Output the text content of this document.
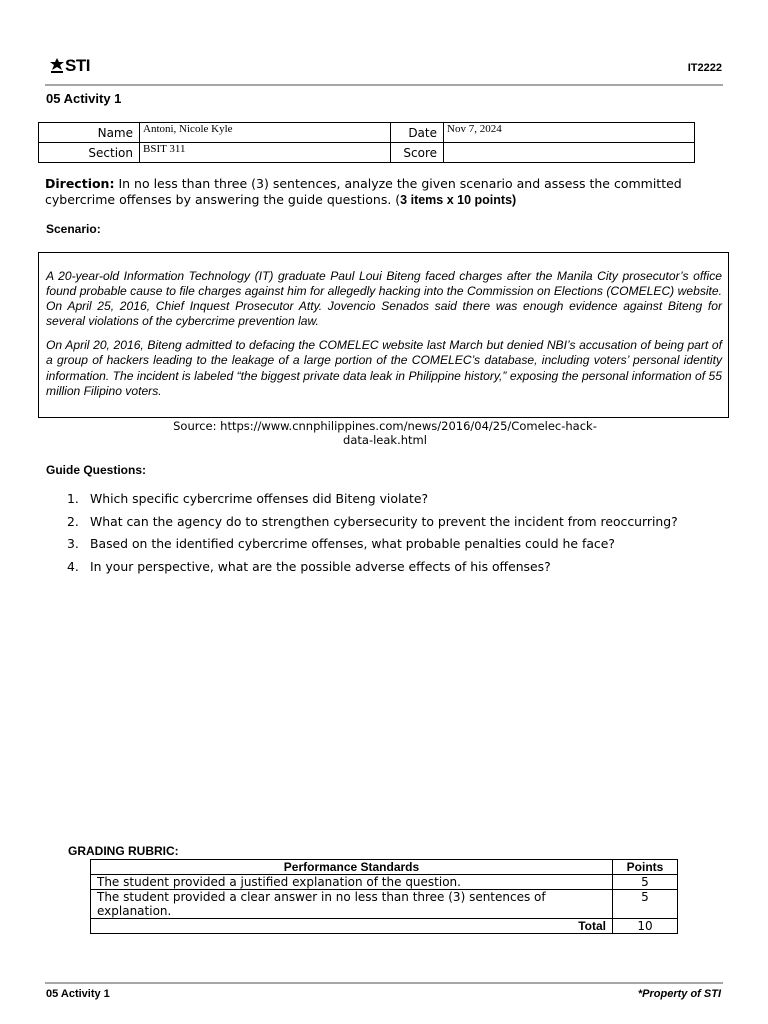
STI	IT2222
05 Activity 1
Name	Antoni, Nicole Kyle	Date	Nov 7, 2024
Section	BSIT 311	Score	
Direction: In no less than three (3) sentences, analyze the given scenario and assess the committed cybercrime offenses by answering the guide questions. (3 items x 10 points)
Scenario:

A 20-year-old Information Technology (IT) graduate Paul Loui Biteng faced charges after the Manila City prosecutor’s office found probable cause to file charges against him for allegedly hacking into the Commission on Elections (COMELEC) website. On April 25, 2016, Chief Inquest Prosecutor Atty. Jovencio Senados said there was enough evidence against Biteng for several violations of the cybercrime prevention law.

On April 20, 2016, Biteng admitted to defacing the COMELEC website last March but denied NBI’s accusation of being part of a group of hackers leading to the leakage of a large portion of the COMELEC’s database, including voters’ personal identity information. The incident is labeled “the biggest private data leak in Philippine history,” exposing the personal information of 55 million Filipino voters.

Source: https://www.cnnphilippines.com/news/2016/04/25/Comelec-hack-data-leak.html
Guide Questions:
1. Which specific cybercrime offenses did Biteng violate?
2. What can the agency do to strengthen cybersecurity to prevent the incident from reoccurring?
3. Based on the identified cybercrime offenses, what probable penalties could he face?
4. In your perspective, what are the possible adverse effects of his offenses?
GRADING RUBRIC:
Performance Standards	Points
The student provided a justified explanation of the question.	5
The student provided a clear answer in no less than three (3) sentences of explanation.	5
Total	10
05 Activity 1	*Property of STI
